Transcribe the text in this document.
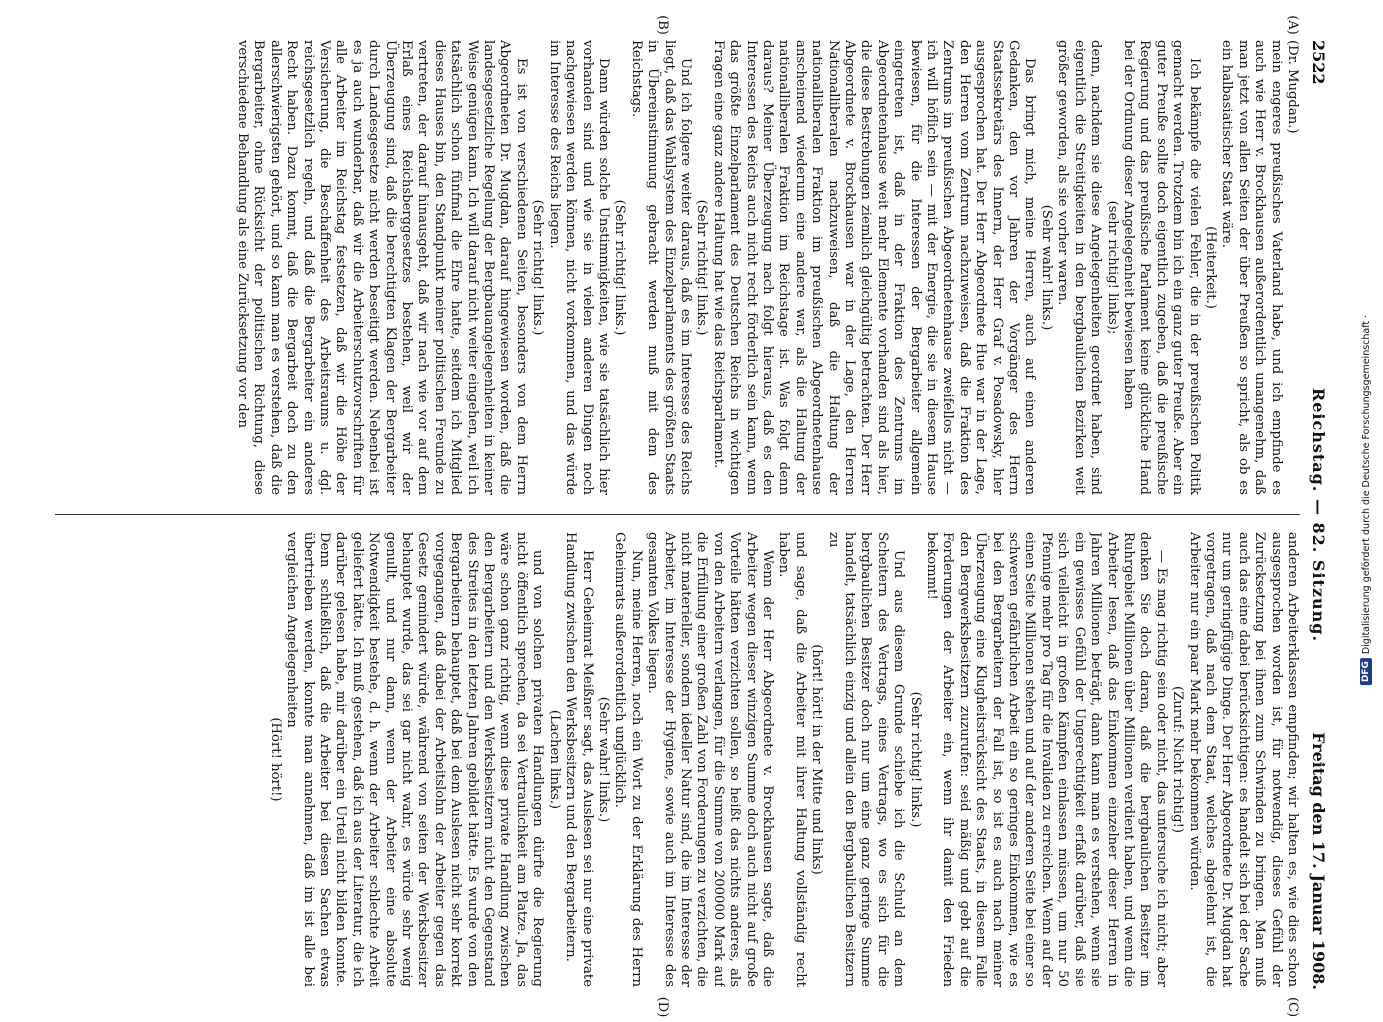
2522
Reichstag. — 82. Sitzung.
Freitag den 17. Januar 1908.
(A)
(B)
(C)
(D)

(Dr. Mugdan.)

mein engeres preußisches Vaterland habe, und ich empfinde es auch wie Herr v. Brockhausen außerordentlich unangenehm, daß man jetzt von allen Seiten der über Preußen so spricht, als ob es ein halbasiatischer Staat wäre.

(Heiterkeit.)

Ich bekämpfe die vielen Fehler, die in der preußischen Politik gemacht werden. Trotzdem bin ich ein ganz guter Preuße. Aber ein guter Preuße sollte doch eigentlich zugeben, daß die preußische Regierung und das preußische Parlament keine glückliche Hand bei der Ordnung dieser Angelegenheit bewiesen haben

(sehr richtig! links);

denn, nachdem sie diese Angelegenheiten geordnet haben, sind eigentlich die Streitigkeiten in den bergbaulichen Bezirken weit größer geworden, als sie vorher waren.

(Sehr wahr! links.)

Das bringt mich, meine Herren, auch auf einen anderen Gedanken, den vor Jahren der Vorgänger des Herrn Staatssekretärs des Innern, der Herr Graf v. Posadowsky, hier ausgesprochen hat. Der Herr Abgeordnete Hue war in der Lage, den Herren vom Zentrum nachzuweisen, daß die Fraktion des Zentrums im preußischen Abgeordnetenhause zweifellos nicht — ich will höflich sein — mit der Energie, die sie in diesem Hause bewiesen, für die Interessen der Bergarbeiter allgemein eingetreten ist, daß in der Fraktion des Zentrums im Abgeordnetenhause weit mehr Elemente vorhanden sind als hier, die diese Bestrebungen ziemlich gleichgültig betrachten. Der Herr Abgeordnete v. Brockhausen war in der Lage, den Herren Nationalliberalen nachzuweisen, daß die Haltung der nationalliberalen Fraktion im preußischen Abgeordnetenhause anscheinend wiederum eine andere war, als die Haltung der nationalliberalen Fraktion im Reichstage ist. Was folgt denn daraus? Meiner Überzeugung nach folgt hieraus, daß es den Interessen des Reichs auch nicht recht förderlich sein kann, wenn das größte Einzelparlament des Deutschen Reichs in wichtigen Fragen eine ganz andere Haltung hat wie das Reichsparlament.

(Sehr richtig! links.)

Und ich folgere weiter daraus, daß es im Interesse des Reichs liegt, daß das Wahlsystem des Einzelparlaments des größten Staats in Übereinstimmung gebracht werden muß mit dem des Reichstags.

(Sehr richtig! links.)

Dann würden solche Unstimmigkeiten, wie sie tatsächlich hier vorhanden sind und wie sie in vielen anderen Dingen noch nachgewiesen werden können, nicht vorkommen, und das würde im Interesse des Reichs liegen.

(Sehr richtig! links.)

Es ist von verschiedenen Seiten, besonders von dem Herrn Abgeordneten Dr. Mugdan, darauf hingewiesen worden, daß die landesgesetzliche Regelung der Bergbauangelegenheiten in keiner Weise genügen kann. Ich will darauf nicht weiter eingehen, weil ich tatsächlich schon fünfmal die Ehre hatte, seitdem ich Mitglied dieses Hauses bin, den Standpunkt meiner politischen Freunde zu vertreten, der darauf hinausgeht, daß wir nach wie vor auf dem Erlaß eines Reichsberggesetzes bestehen, weil wir der Überzeugung sind, daß die berechtigten Klagen der Bergarbeiter durch Landesgesetze nicht werden beseitigt werden. Nebenbei ist es ja auch wunderbar, daß wir die Arbeiterschutzvorschriften für alle Arbeiter im Reichstag festsetzen, daß wir die Höhe der Versicherung, die Beschaffenheit des Arbeitsraums u. dgl. reichsgesetzlich regeln, und daß die Bergarbeiter ein anderes Recht haben. Dazu kommt, daß die Bergarbeit doch zu den allerschwierigsten gehört, und so kann man es verstehen, daß die Bergarbeiter, ohne Rücksicht der politischen Richtung, diese verschiedene Behandlung als eine Zurücksetzung vor den

anderen Arbeiterklassen empfinden; wir halten es, wie dies schon ausgesprochen worden ist, für notwendig, dieses Gefühl der Zurücksetzung bei ihnen zum Schwinden zu bringen. Man muß auch das eine dabei berücksichtigen: es handelt sich bei der Sache nur um geringfügige Dinge. Der Herr Abgeordnete Dr. Mugdan hat vorgetragen, daß nach dem Staat, welches abgelehnt ist, die Arbeiter nur ein paar Mark mehr bekommen würden.

(Zuruf: Nicht richtig!)

— Es mag richtig sein oder nicht, das untersuche ich nicht; aber denken Sie doch daran, daß die bergbaulichen Besitzer im Ruhrgebiet Millionen über Millionen verdient haben, und wenn die Arbeiter lesen, daß das Einkommen einzelner dieser Herren in Jahren Millionen beträgt, dann kann man es verstehen, wenn sie ein gewisses Gefühl der Ungerechtigkeit erfaßt darüber, daß sie sich vielleicht in großen Kämpfen einlassen müssen, um nur 50 Pfennige mehr pro Tag für die Invaliden zu erreichen. Wenn auf der einen Seite Millionen stehen und auf der anderen Seite bei einer so schweren gefährlichen Arbeit ein so geringes Einkommen, wie es bei den Bergarbeitern der Fall ist, so ist es auch nach meiner Überzeugung eine Klugheitsrücksicht des Staats, in diesem Falle den Bergwerksbesitzern zuzurufen: seid mäßig und gebt auf die Forderungen der Arbeiter ein, wenn ihr damit den Frieden bekommt!

(Sehr richtig! links.)

Und aus diesem Grunde schiebe ich die Schuld an dem Scheitern des Vertrags, eines Vertrags, wo es sich für die bergbaulichen Besitzer doch nur um eine ganz geringe Summe handelt, tatsächlich einzig und allein den Bergbaulichen Besitzern zu

(hört! hört! in der Mitte und links)

und sage, daß die Arbeiter mit ihrer Haltung vollständig recht haben.

Wenn der Herr Abgeordnete v. Brockhausen sagte, daß die Arbeiter wegen dieser winzigen Summe doch auch nicht auf große Vorteile hätten verzichten sollen, so heißt das nichts anderes, als von den Arbeitern verlangen, für die Summe von 200000 Mark auf die Erfüllung einer großen Zahl von Forderungen zu verzichten, die nicht materieller, sondern ideeller Natur sind, die im Interesse der Arbeiter, im Interesse der Hygiene, sowie auch im Interesse des gesamten Volkes liegen.

Nun, meine Herren, noch ein Wort zu der Erklärung des Herrn Geheimrats außerordentlich unglücklich.

(Sehr wahr! links.)

Herr Geheimrat Meißner sagt, das Auslesen sei nur eine private Handlung zwischen den Werksbesitzern und den Bergarbeitern.

(Lachen links.)

und von solchen privaten Handlungen dürfte die Regierung nicht öffentlich sprechen, da sei Vertraulichkeit am Platze. Ja, das wäre schon ganz richtig, wenn diese private Handlung zwischen den Bergarbeitern und den Werksbesitzern nicht den Gegenstand des Streites in den letzten Jahren gebildet hätte. Es wurde von den Bergarbeitern behauptet, daß bei dem Auslesen nicht sehr korrekt vorgegangen, daß dabei der Arbeitslohn der Arbeiter gegen das Gesetz gemindert würde, während von seiten der Werksbesitzer behauptet wurde, das sei gar nicht wahr, es würde sehr wenig genullt, und nur dann, wenn der Arbeiter eine absolute Notwendigkeit bestehe, d. h. wenn der Arbeiter schlechte Arbeit geliefert hätte. Ich muß gestehen, daß ich aus der Literatur, die ich darüber gelesen habe, mir darüber ein Urteil nicht bilden konnte. Denn schließlich, daß die Arbeiter bei diesen Sachen etwas übertrieben werden, konnte man annehmen, daß im ist alle bei vergleichen Angelegenheiten

(Hört! hört!)

DFG
Digitalisierung gefördert durch die Deutsche Forschungsgemeinschaft ·
